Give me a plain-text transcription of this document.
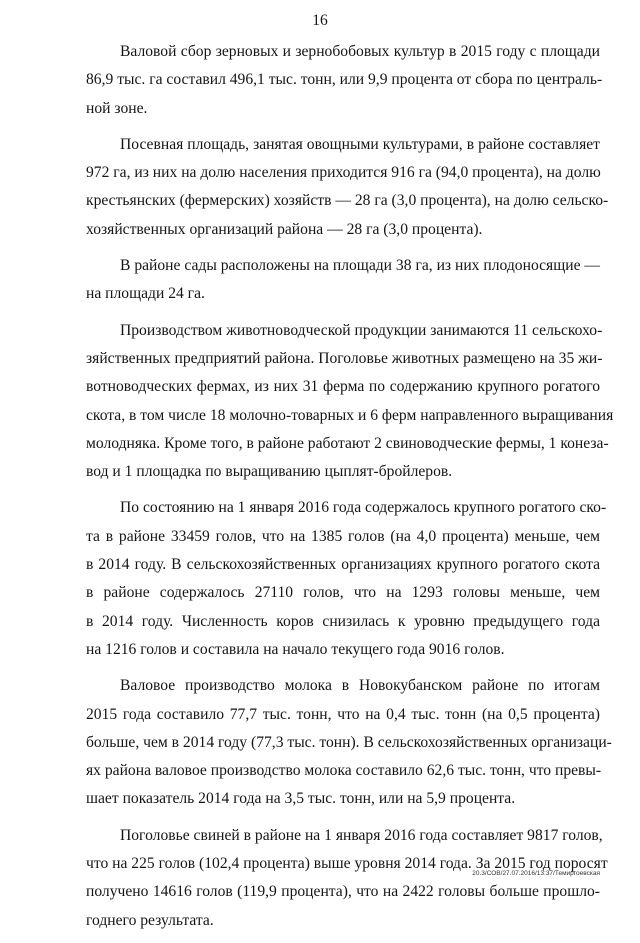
16

Валовой сбор зерновых и зернобобовых культур в 2015 году с площади
86,9 тыс. га составил 496,1 тыс. тонн, или 9,9 процента от сбора по централь-
ной зоне.

Посевная площадь, занятая овощными культурами, в районе составляет
972 га, из них на долю населения приходится 916 га (94,0 процента), на долю
крестьянских (фермерских) хозяйств — 28 га (3,0 процента), на долю сельско-
хозяйственных организаций района — 28 га (3,0 процента).

В районе сады расположены на площади 38 га, из них плодоносящие —
на площади 24 га.

Производством животноводческой продукции занимаются 11 сельскохо-
зяйственных предприятий района. Поголовье животных размещено на 35 жи-
вотноводческих фермах, из них 31 ферма по содержанию крупного рогатого
скота, в том числе 18 молочно-товарных и 6 ферм направленного выращивания
молодняка. Кроме того, в районе работают 2 свиноводческие фермы, 1 конеза-
вод и 1 площадка по выращиванию цыплят-бройлеров.

По состоянию на 1 января 2016 года содержалось крупного рогатого ско-
та в районе 33459 голов, что на 1385 голов (на 4,0 процента) меньше, чем
в 2014 году. В сельскохозяйственных организациях крупного рогатого скота
в районе содержалось 27110 голов, что на 1293 головы меньше, чем
в 2014 году. Численность коров снизилась к уровню предыдущего года
на 1216 голов и составила на начало текущего года 9016 голов.

Валовое производство молока в Новокубанском районе по итогам
2015 года составило 77,7 тыс. тонн, что на 0,4 тыс. тонн (на 0,5 процента)
больше, чем в 2014 году (77,3 тыс. тонн). В сельскохозяйственных организаци-
ях района валовое производство молока составило 62,6 тыс. тонн, что превы-
шает показатель 2014 года на 3,5 тыс. тонн, или на 5,9 процента.

Поголовье свиней в районе на 1 января 2016 года составляет 9817 голов,
что на 225 голов (102,4 процента) выше уровня 2014 года. За 2015 год поросят
получено 14616 голов (119,9 процента), что на 2422 головы больше прошло-
годнего результата.

20.3/СОВ/27.07.2016/13:37/Темиргоевская
